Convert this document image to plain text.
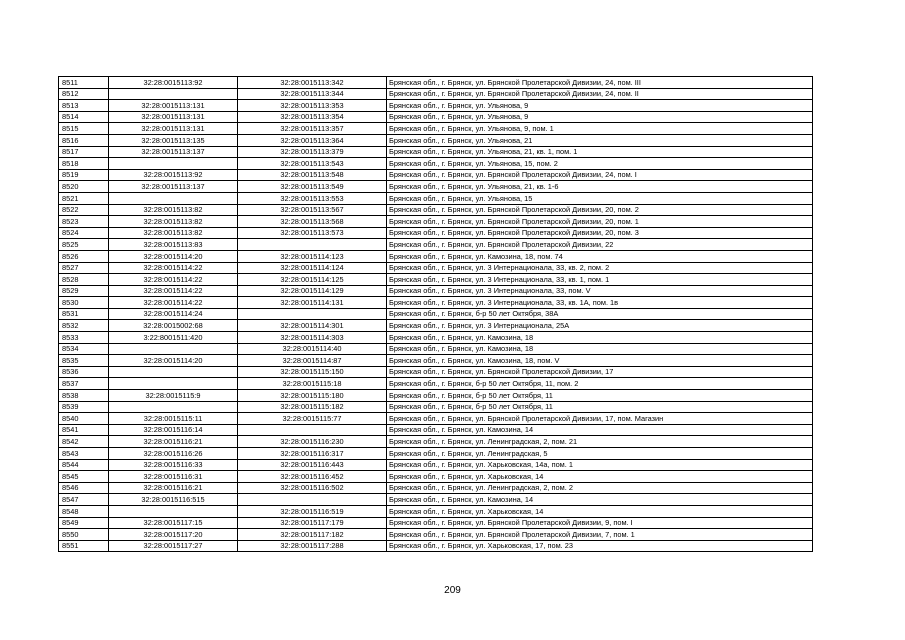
8511	32:28:0015113:92	32:28:0015113:342	Брянская обл., г. Брянск, ул. Брянской Пролетарской Дивизии, 24, пом. III
8512		32:28:0015113:344	Брянская обл., г. Брянск, ул. Брянской Пролетарской Дивизии, 24, пом. II
8513	32:28:0015113:131	32:28:0015113:353	Брянская обл., г. Брянск, ул. Ульянова, 9
8514	32:28:0015113:131	32:28:0015113:354	Брянская обл., г. Брянск, ул. Ульянова, 9
8515	32:28:0015113:131	32:28:0015113:357	Брянская обл., г. Брянск, ул. Ульянова, 9, пом. 1
8516	32:28:0015113:135	32:28:0015113:364	Брянская обл., г. Брянск, ул. Ульянова, 21
8517	32:28:0015113:137	32:28:0015113:379	Брянская обл., г. Брянск, ул. Ульянова, 21, кв. 1, пом. 1
8518		32:28:0015113:543	Брянская обл., г. Брянск, ул. Ульянова, 15, пом. 2
8519	32:28:0015113:92	32:28:0015113:548	Брянская обл., г. Брянск, ул. Брянской Пролетарской Дивизии, 24, пом. I
8520	32:28:0015113:137	32:28:0015113:549	Брянская обл., г. Брянск, ул. Ульянова, 21, кв. 1-6
8521		32:28:0015113:553	Брянская обл., г. Брянск, ул. Ульянова, 15
8522	32:28:0015113:82	32:28:0015113:567	Брянская обл., г. Брянск, ул. Брянской Пролетарской Дивизии, 20, пом. 2
8523	32:28:0015113:82	32:28:0015113:568	Брянская обл., г. Брянск, ул. Брянской Пролетарской Дивизии, 20, пом. 1
8524	32:28:0015113:82	32:28:0015113:573	Брянская обл., г. Брянск, ул. Брянской Пролетарской Дивизии, 20, пом. 3
8525	32:28:0015113:83		Брянская обл., г. Брянск, ул. Брянской Пролетарской Дивизии, 22
8526	32:28:0015114:20	32:28:0015114:123	Брянская обл., г. Брянск, ул. Камозина, 18, пом. 74
8527	32:28:0015114:22	32:28:0015114:124	Брянская обл., г. Брянск, ул. 3 Интернационала, 33, кв. 2, пом. 2
8528	32:28:0015114:22	32:28:0015114:125	Брянская обл., г. Брянск, ул. 3 Интернационала, 33, кв. 1, пом. 1
8529	32:28:0015114:22	32:28:0015114:129	Брянская обл., г. Брянск, ул. 3 Интернационала, 33, пом. V
8530	32:28:0015114:22	32:28:0015114:131	Брянская обл., г. Брянск, ул. 3 Интернационала, 33, кв. 1А, пом. 1в
8531	32:28:0015114:24		Брянская обл., г. Брянск, б-р 50 лет Октября, 38А
8532	32:28:0015002:68	32:28:0015114:301	Брянская обл., г. Брянск, ул. 3 Интернационала, 25А
8533	3:22:8001511:420	32:28:0015114:303	Брянская обл., г. Брянск, ул. Камозина, 18
8534		32:28:0015114:40	Брянская обл., г. Брянск, ул. Камозина, 18
8535	32:28:0015114:20	32:28:0015114:87	Брянская обл., г. Брянск, ул. Камозина, 18, пом. V
8536		32:28:0015115:150	Брянская обл., г. Брянск, ул. Брянской Пролетарской Дивизии, 17
8537		32:28:0015115:18	Брянская обл., г. Брянск, б-р 50 лет Октября, 11, пом. 2
8538	32:28:0015115:9	32:28:0015115:180	Брянская обл., г. Брянск, б-р 50 лет Октября, 11
8539		32:28:0015115:182	Брянская обл., г. Брянск, б-р 50 лет Октября, 11
8540	32:28:0015115:11	32:28:0015115:77	Брянская обл., г. Брянск, ул. Брянской Пролетарской Дивизии, 17, пом. Магазин
8541	32:28:0015116:14		Брянская обл., г. Брянск, ул. Камозина, 14
8542	32:28:0015116:21	32:28:0015116:230	Брянская обл., г. Брянск, ул. Ленинградская, 2, пом. 21
8543	32:28:0015116:26	32:28:0015116:317	Брянская обл., г. Брянск, ул. Ленинградская, 5
8544	32:28:0015116:33	32:28:0015116:443	Брянская обл., г. Брянск, ул. Харьковская, 14а, пом. 1
8545	32:28:0015116:31	32:28:0015116:452	Брянская обл., г. Брянск, ул. Харьковская, 14
8546	32:28:0015116:21	32:28:0015116:502	Брянская обл., г. Брянск, ул. Ленинградская, 2, пом. 2
8547	32:28:0015116:515		Брянская обл., г. Брянск, ул. Камозина, 14
8548		32:28:0015116:519	Брянская обл., г. Брянск, ул. Харьковская, 14
8549	32:28:0015117:15	32:28:0015117:179	Брянская обл., г. Брянск, ул. Брянской Пролетарской Дивизии, 9, пом. I
8550	32:28:0015117:20	32:28:0015117:182	Брянская обл., г. Брянск, ул. Брянской Пролетарской Дивизии, 7, пом. 1
8551	32:28:0015117:27	32:28:0015117:288	Брянская обл., г. Брянск, ул. Харьковская, 17, пом. 23
209
